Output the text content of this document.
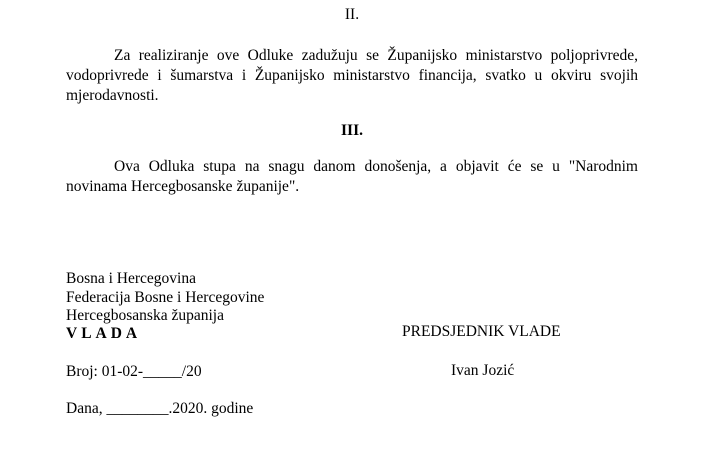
II.
Za realiziranje ove Odluke zadužuju se Županijsko ministarstvo poljoprivrede,
vodoprivrede i šumarstva i Županijsko ministarstvo financija, svatko u okviru svojih
mjerodavnosti.
III.
Ova Odluka stupa na snagu danom donošenja, a objavit će se u "Narodnim
novinama Hercegbosanske županije".
Bosna i Hercegovina
Federacija Bosne i Hercegovine
Hercegbosanska županija
VLADA	PREDSJEDNIK VLADE
Ivan Jozić
Broj: 01-02-_____/20
Dana, ________.2020. godine
